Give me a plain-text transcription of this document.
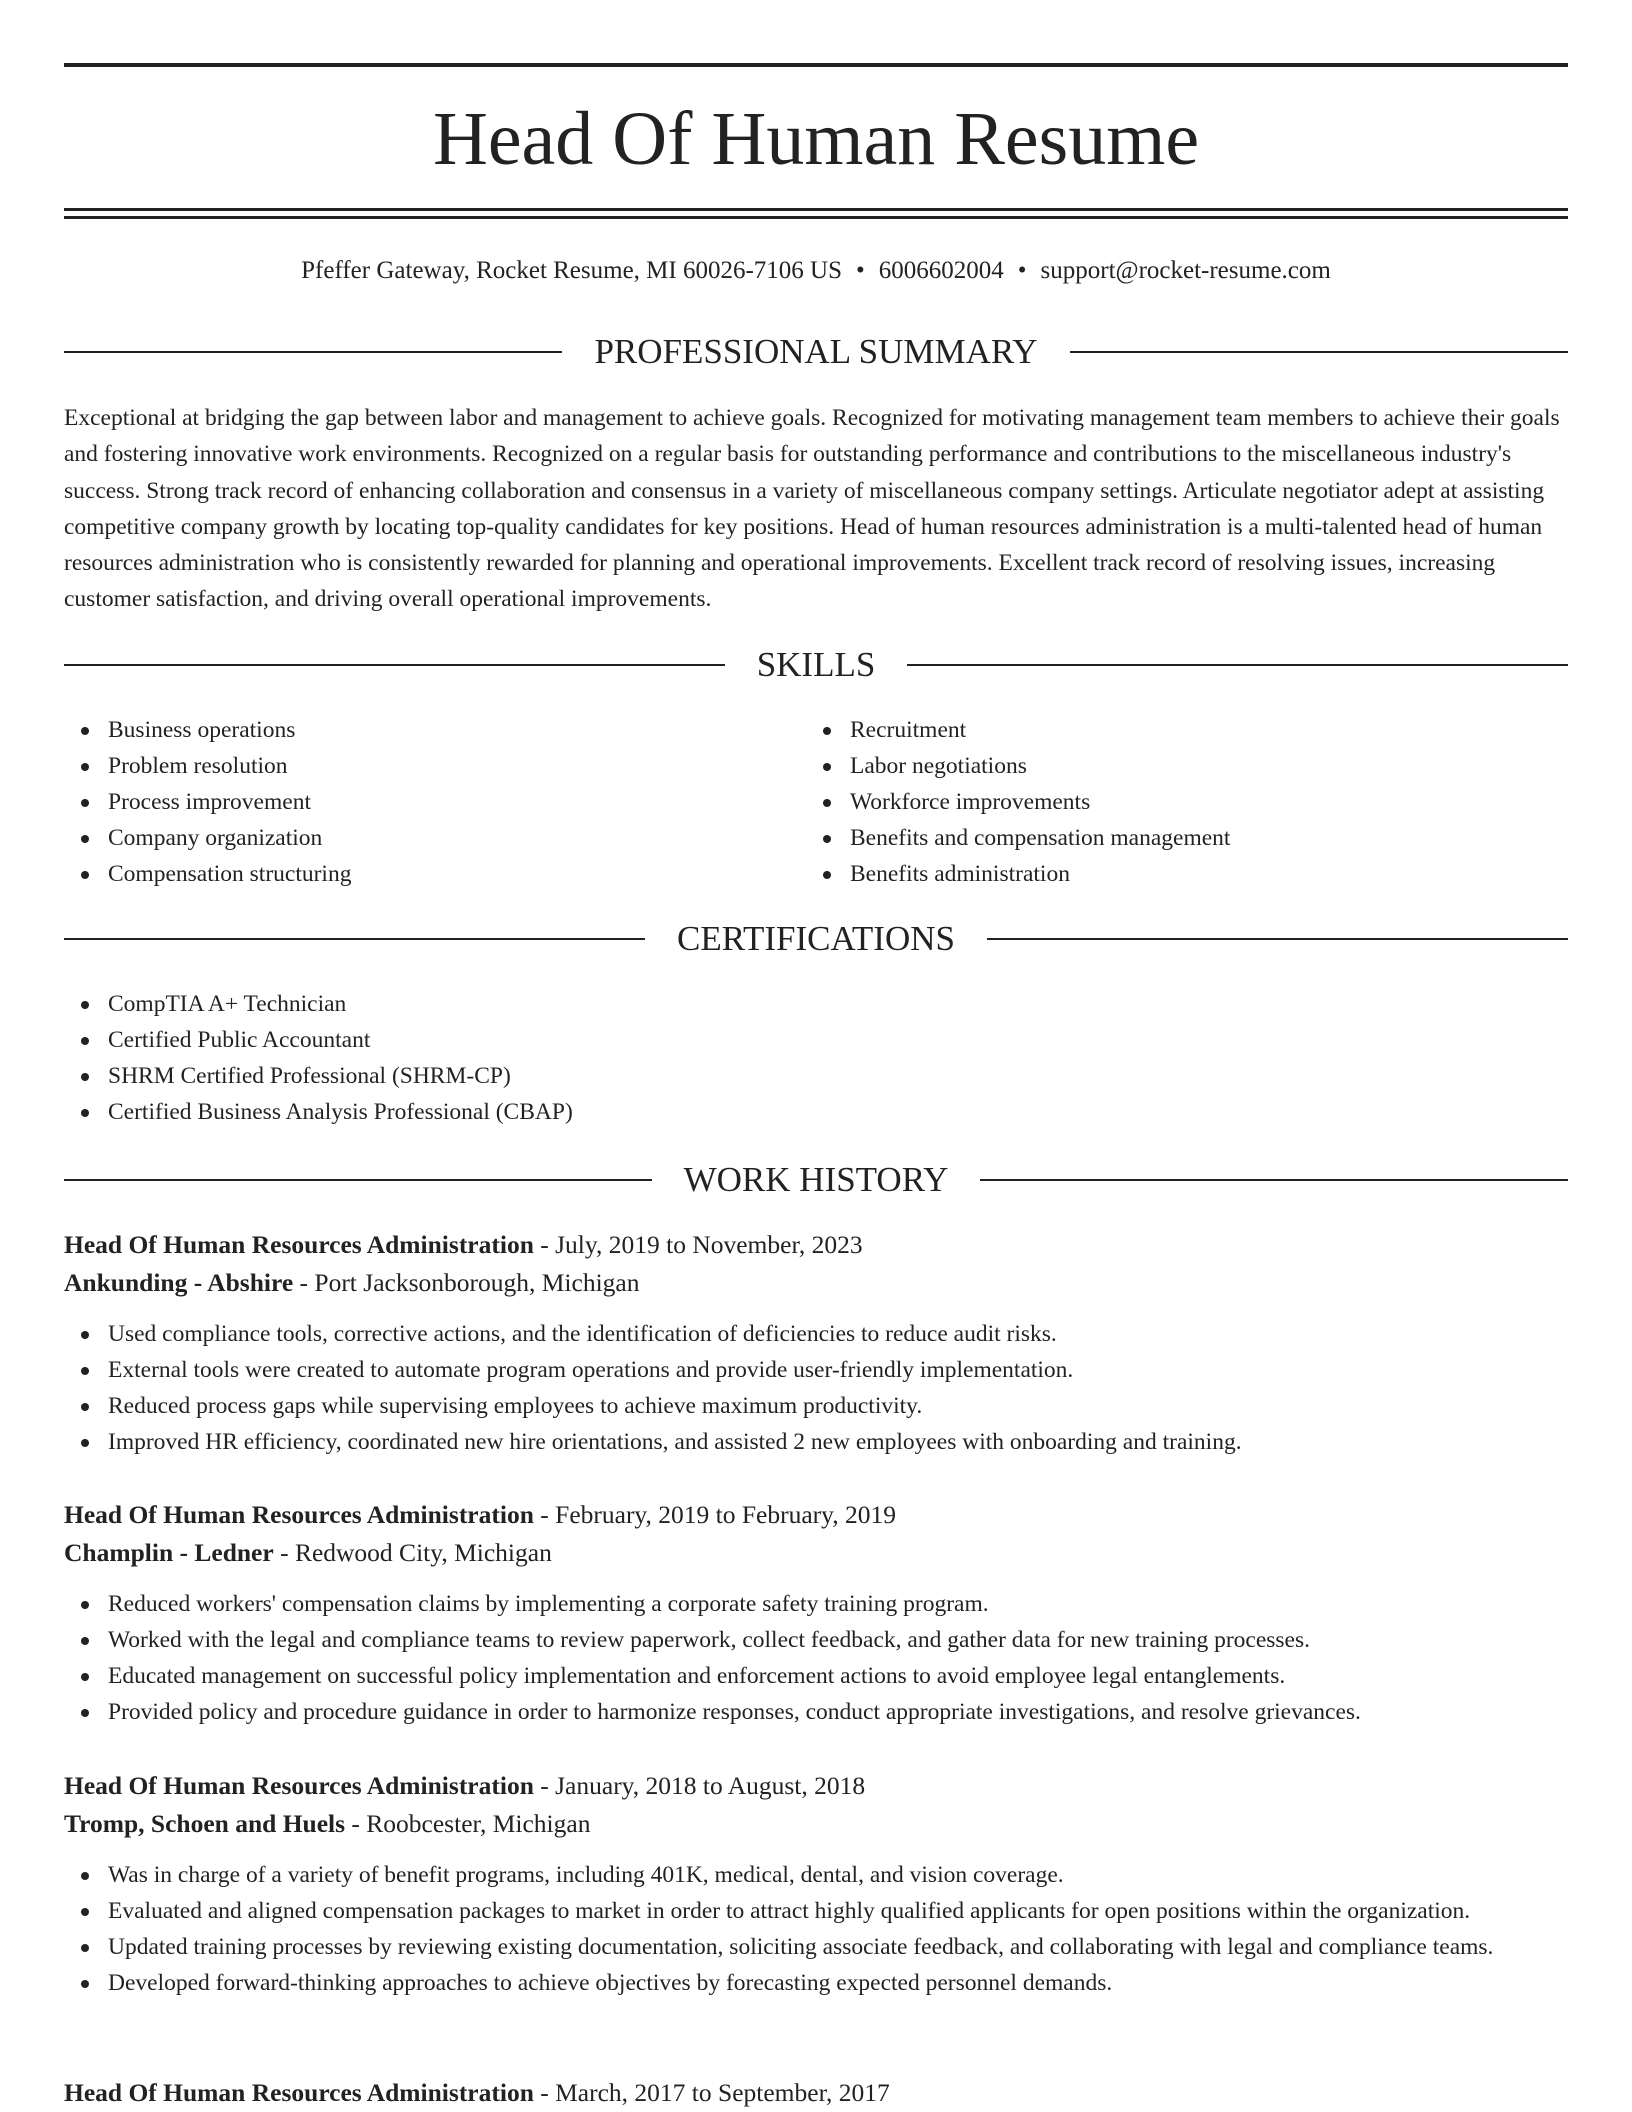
Head Of Human Resume
Pfeffer Gateway, Rocket Resume, MI 60026-7106 US • 6006602004 • support@rocket-resume.com
PROFESSIONAL SUMMARY

Exceptional at bridging the gap between labor and management to achieve goals. Recognized for motivating management team members to achieve their goals and fostering innovative work environments. Recognized on a regular basis for outstanding performance and contributions to the miscellaneous industry's success. Strong track record of enhancing collaboration and consensus in a variety of miscellaneous company settings. Articulate negotiator adept at assisting competitive company growth by locating top-quality candidates for key positions. Head of human resources administration is a multi-talented head of human resources administration who is consistently rewarded for planning and operational improvements. Excellent track record of resolving issues, increasing customer satisfaction, and driving overall operational improvements.

SKILLS
Business operations
Problem resolution
Process improvement
Company organization
Compensation structuring
Recruitment
Labor negotiations
Workforce improvements
Benefits and compensation management
Benefits administration
CERTIFICATIONS
CompTIA A+ Technician
Certified Public Accountant
SHRM Certified Professional (SHRM-CP)
Certified Business Analysis Professional (CBAP)
WORK HISTORY
Head Of Human Resources Administration - July, 2019 to November, 2023
Ankunding - Abshire - Port Jacksonborough, Michigan
Used compliance tools, corrective actions, and the identification of deficiencies to reduce audit risks.
External tools were created to automate program operations and provide user-friendly implementation.
Reduced process gaps while supervising employees to achieve maximum productivity.
Improved HR efficiency, coordinated new hire orientations, and assisted 2 new employees with onboarding and training.
Head Of Human Resources Administration - February, 2019 to February, 2019
Champlin - Ledner - Redwood City, Michigan
Reduced workers' compensation claims by implementing a corporate safety training program.
Worked with the legal and compliance teams to review paperwork, collect feedback, and gather data for new training processes.
Educated management on successful policy implementation and enforcement actions to avoid employee legal entanglements.
Provided policy and procedure guidance in order to harmonize responses, conduct appropriate investigations, and resolve grievances.
Head Of Human Resources Administration - January, 2018 to August, 2018
Tromp, Schoen and Huels - Roobcester, Michigan
Was in charge of a variety of benefit programs, including 401K, medical, dental, and vision coverage.
Evaluated and aligned compensation packages to market in order to attract highly qualified applicants for open positions within the organization.
Updated training processes by reviewing existing documentation, soliciting associate feedback, and collaborating with legal and compliance teams.
Developed forward-thinking approaches to achieve objectives by forecasting expected personnel demands.
Head Of Human Resources Administration - March, 2017 to September, 2017
